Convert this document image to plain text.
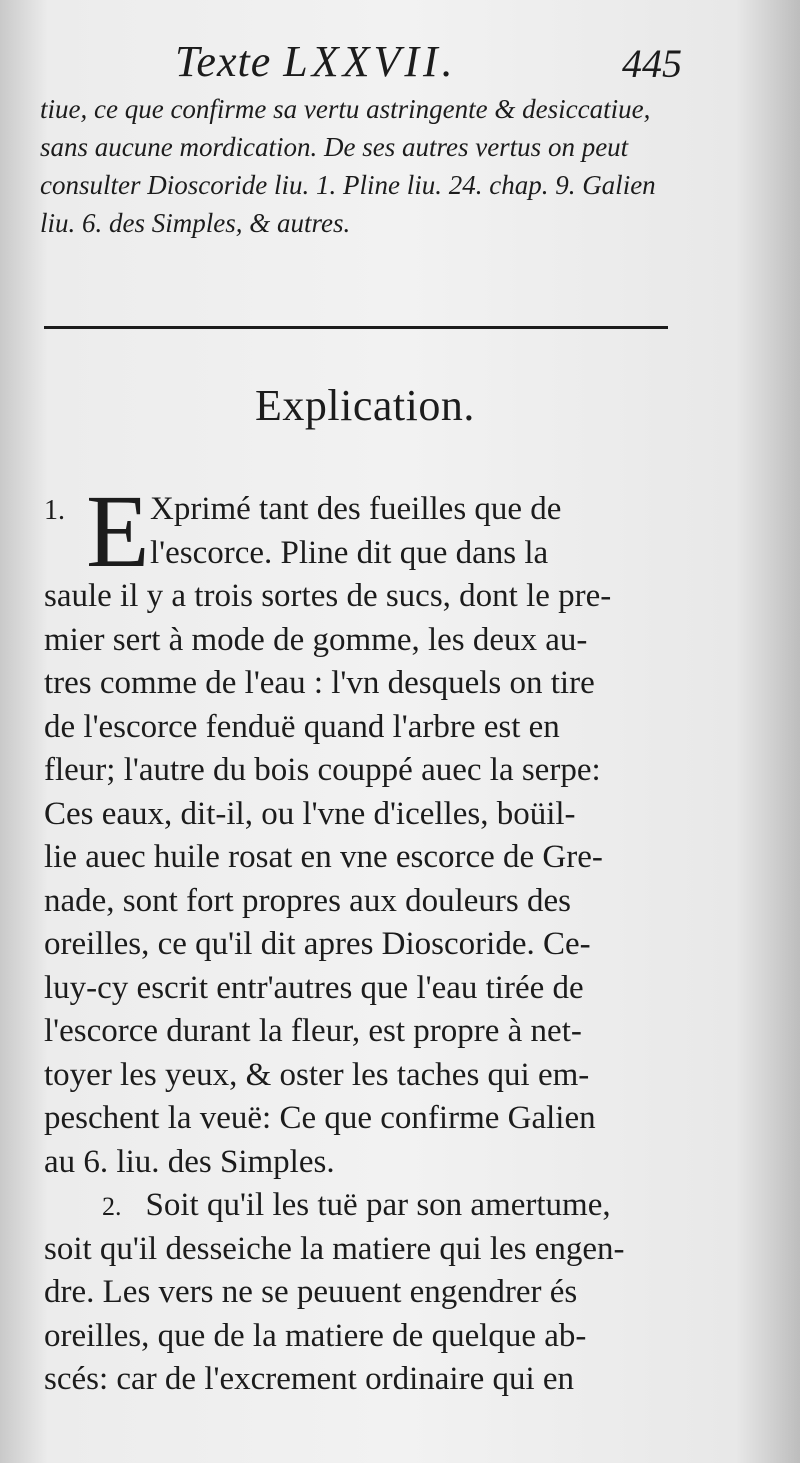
Texte LXXVII.	445
tiue, ce que confirme sa vertu astringente & desiccatiue,
sans aucune mordication. De ses autres vertus on peut
consulter Dioscoride liu. 1. Pline liu. 24. chap. 9. Galien
liu. 6. des Simples, & autres.
Explication.
E
1.	Xprimé tant des fueilles que de
l'escorce. Pline dit que dans la
saule il y a trois sortes de sucs, dont le pre-
mier sert à mode de gomme, les deux au-
tres comme de l'eau : l'vn desquels on tire
de l'escorce fenduë quand l'arbre est en
fleur; l'autre du bois couppé auec la serpe:
Ces eaux, dit-il, ou l'vne d'icelles, boüil-
lie auec huile rosat en vne escorce de Gre-
nade, sont fort propres aux douleurs des
oreilles, ce qu'il dit apres Dioscoride. Ce-
luy-cy escrit entr'autres que l'eau tirée de
l'escorce durant la fleur, est propre à net-
toyer les yeux, & oster les taches qui em-
peschent la veuë: Ce que confirme Galien
au 6. liu. des Simples.
2. Soit qu'il les tuë par son amertume,
soit qu'il desseiche la matiere qui les engen-
dre. Les vers ne se peuuent engendrer és
oreilles, que de la matiere de quelque ab-
scés: car de l'excrement ordinaire qui en
